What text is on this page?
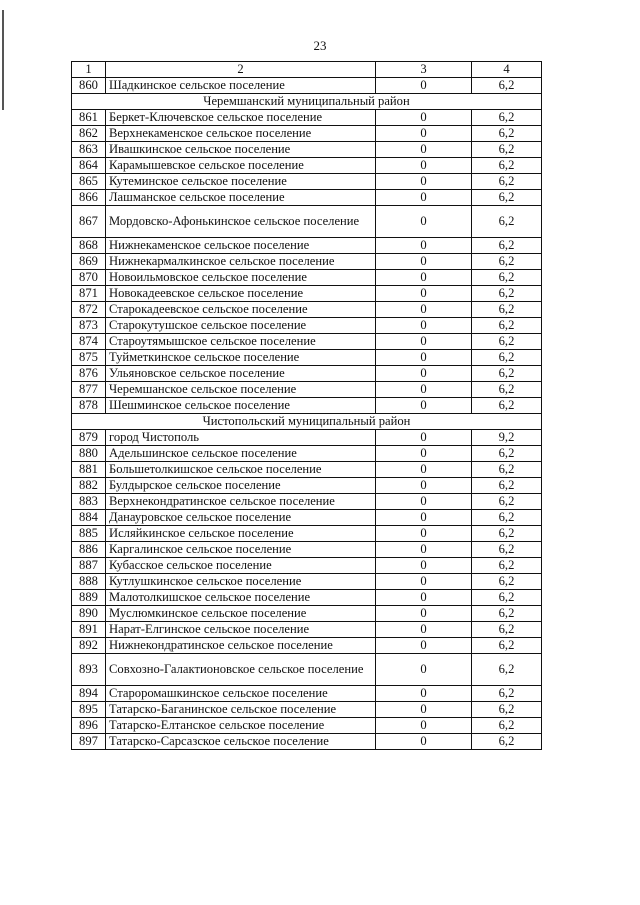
23
1	2	3	4
860	Шадкинское сельское поселение	0	6,2
Черемшанский муниципальный район			
861	Беркет-Ключевское сельское поселение	0	6,2
862	Верхнекаменское сельское поселение	0	6,2
863	Ивашкинское сельское поселение	0	6,2
864	Карамышевское сельское поселение	0	6,2
865	Кутеминское сельское поселение	0	6,2
866	Лашманское сельское поселение	0	6,2
867	Мордовско-Афонькинское сельское поселение	0	6,2
868	Нижнекаменское сельское поселение	0	6,2
869	Нижнекармалкинское сельское поселение	0	6,2
870	Новоильмовское сельское поселение	0	6,2
871	Новокадеевское сельское поселение	0	6,2
872	Старокадеевское сельское поселение	0	6,2
873	Старокутушское сельское поселение	0	6,2
874	Староутямышское сельское поселение	0	6,2
875	Туйметкинское сельское поселение	0	6,2
876	Ульяновское сельское поселение	0	6,2
877	Черемшанское сельское поселение	0	6,2
878	Шешминское сельское поселение	0	6,2
Чистопольский муниципальный район			
879	город Чистополь	0	9,2
880	Адельшинское сельское поселение	0	6,2
881	Большетолкишское сельское поселение	0	6,2
882	Булдырское сельское поселение	0	6,2
883	Верхнекондратинское сельское поселение	0	6,2
884	Данауровское сельское поселение	0	6,2
885	Исляйкинское сельское поселение	0	6,2
886	Каргалинское сельское поселение	0	6,2
887	Кубасское сельское поселение	0	6,2
888	Кутлушкинское сельское поселение	0	6,2
889	Малотолкишское сельское поселение	0	6,2
890	Муслюмкинское сельское поселение	0	6,2
891	Нарат-Елгинское сельское поселение	0	6,2
892	Нижнекондратинское сельское поселение	0	6,2
893	Совхозно-Галактионовское сельское поселение	0	6,2
894	Староромашкинское сельское поселение	0	6,2
895	Татарско-Баганинское сельское поселение	0	6,2
896	Татарско-Елтанское сельское поселение	0	6,2
897	Татарско-Сарсазское сельское поселение	0	6,2
